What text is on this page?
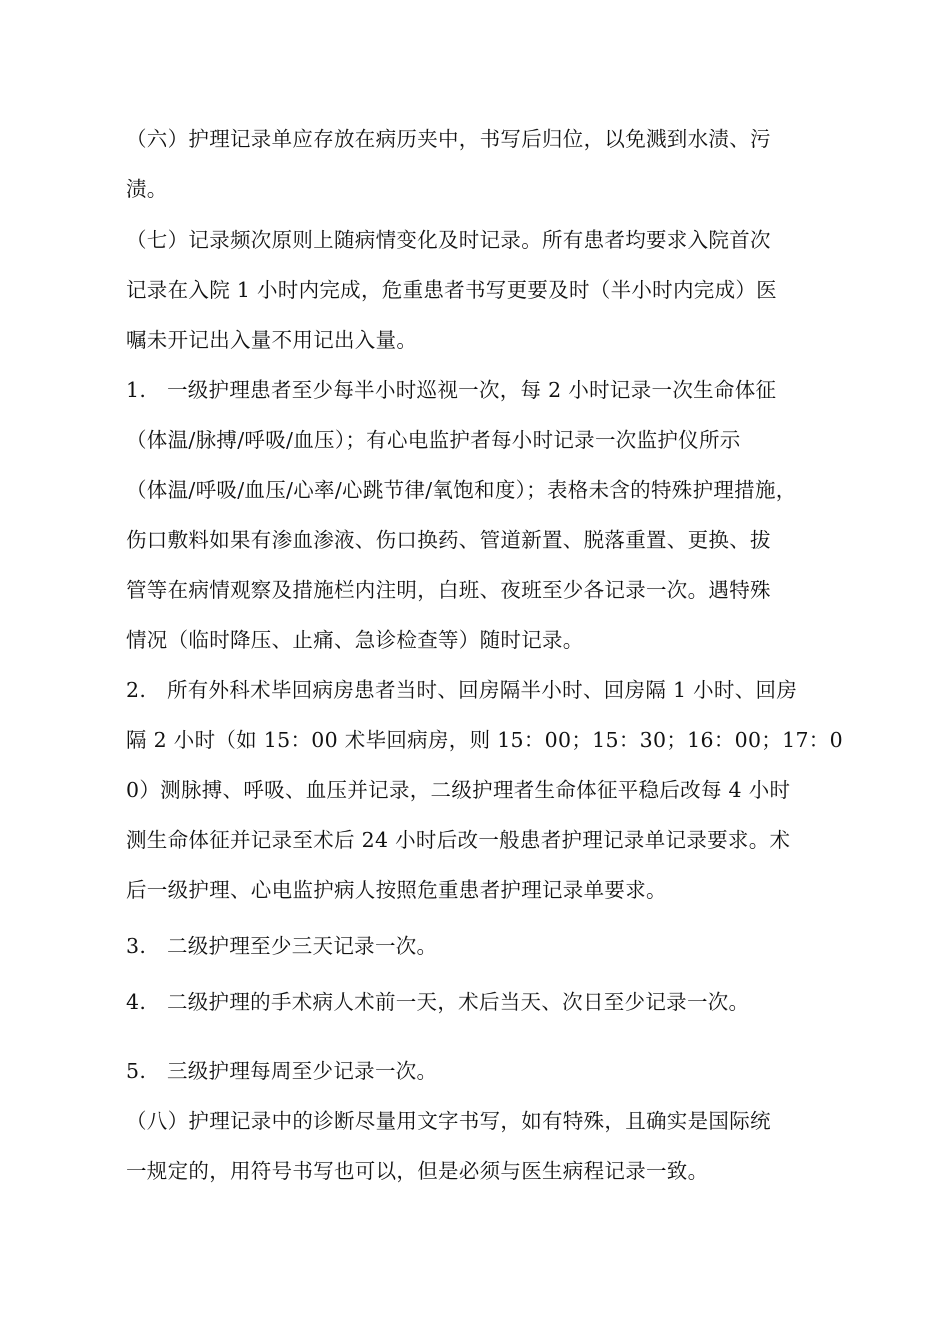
（六）护理记录单应存放在病历夹中，书写后归位，以免溅到水渍、污
渍。
（七）记录频次原则上随病情变化及时记录。所有患者均要求入院首次
记录在入院 1 小时内完成，危重患者书写更要及时（半小时内完成）医
嘱未开记出入量不用记出入量。
1.　一级护理患者至少每半小时巡视一次，每 2 小时记录一次生命体征
（体温/脉搏/呼吸/血压）；有心电监护者每小时记录一次监护仪所示
（体温/呼吸/血压/心率/心跳节律/氧饱和度）；表格未含的特殊护理措施，
伤口敷料如果有渗血渗液、伤口换药、管道新置、脱落重置、更换、拔
管等在病情观察及措施栏内注明，白班、夜班至少各记录一次。遇特殊
情况（临时降压、止痛、急诊检查等）随时记录。
2.　所有外科术毕回病房患者当时、回房隔半小时、回房隔 1 小时、回房
隔 2 小时（如 15：00 术毕回病房，则 15：00；15：30；16：00；17：0
0）测脉搏、呼吸、血压并记录，二级护理者生命体征平稳后改每 4 小时
测生命体征并记录至术后 24 小时后改一般患者护理记录单记录要求。术
后一级护理、心电监护病人按照危重患者护理记录单要求。
3.　二级护理至少三天记录一次。
4.　二级护理的手术病人术前一天，术后当天、次日至少记录一次。
5.　三级护理每周至少记录一次。
（八）护理记录中的诊断尽量用文字书写，如有特殊，且确实是国际统
一规定的，用符号书写也可以，但是必须与医生病程记录一致。
